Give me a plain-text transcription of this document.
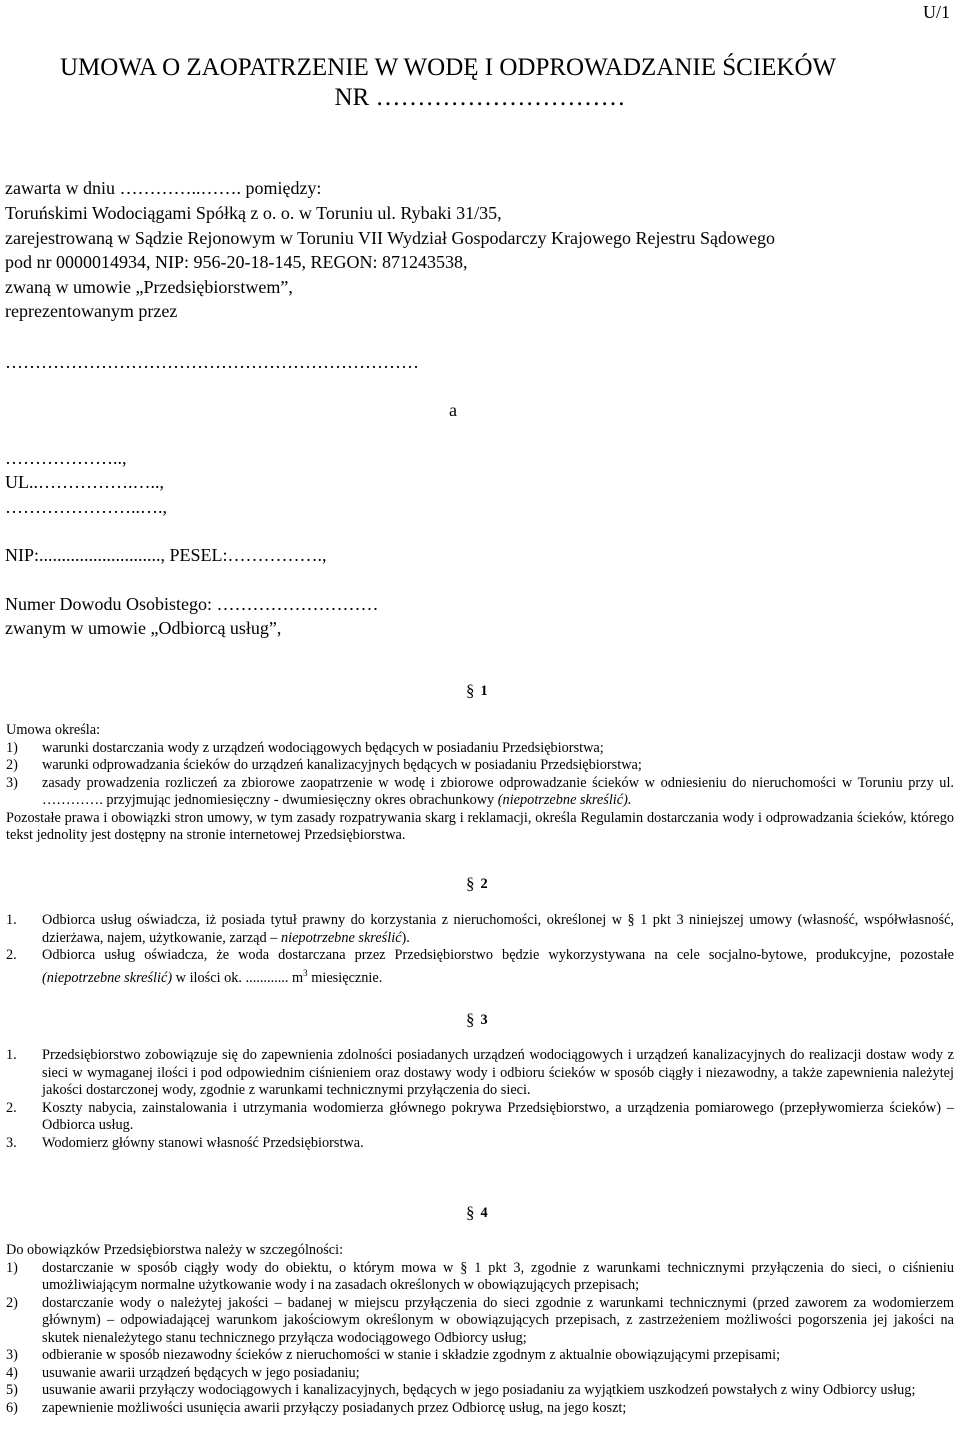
U/1
UMOWA O ZAOPATRZENIE W WODĘ I ODPROWADZANIE ŚCIEKÓW
NR …………………………
zawarta w dniu …………..……. pomiędzy:
Toruńskimi Wodociągami Spółką z o. o. w Toruniu ul. Rybaki 31/35,
zarejestrowaną w Sądzie Rejonowym w Toruniu VII Wydział Gospodarczy Krajowego Rejestru Sądowego
pod nr 0000014934, NIP: 956-20-18-145, REGON: 871243538,
zwaną w umowie „Przedsiębiorstwem”,
reprezentowanym przez
……………………………………………………………
a
………………..,
UL..…………….…..,
…………………..….,
NIP:..........................., PESEL:…………….,
Numer Dowodu Osobistego: ………………………
zwanym w umowie „Odbiorcą usług”,
§ 1

Umowa określa:

1) warunki dostarczania wody z urządzeń wodociągowych będących w posiadaniu Przedsiębiorstwa;
2) warunki odprowadzania ścieków do urządzeń kanalizacyjnych będących w posiadaniu Przedsiębiorstwa;
3) zasady prowadzenia rozliczeń za zbiorowe zaopatrzenie w wodę i zbiorowe odprowadzanie ścieków w odniesieniu do nieruchomości w Toruniu przy ul. …………. przyjmując jednomiesięczny - dwumiesięczny okres obrachunkowy (niepotrzebne skreślić).

Pozostałe prawa i obowiązki stron umowy, w tym zasady rozpatrywania skarg i reklamacji, określa Regulamin dostarczania wody i odprowadzania ścieków, którego tekst jednolity jest dostępny na stronie internetowej Przedsiębiorstwa.

§ 2
1. Odbiorca usług oświadcza, iż posiada tytuł prawny do korzystania z nieruchomości, określonej w § 1 pkt 3 niniejszej umowy (własność, współwłasność, dzierżawa, najem, użytkowanie, zarząd – niepotrzebne skreślić).
2. Odbiorca usług oświadcza, że woda dostarczana przez Przedsiębiorstwo będzie wykorzystywana na cele socjalno-bytowe, produkcyjne, pozostałe (niepotrzebne skreślić) w ilości ok. ............ $m^3$ miesięcznie.
§ 3
1. Przedsiębiorstwo zobowiązuje się do zapewnienia zdolności posiadanych urządzeń wodociągowych i urządzeń kanalizacyjnych do realizacji dostaw wody z sieci w wymaganej ilości i pod odpowiednim ciśnieniem oraz dostawy wody i odbioru ścieków w sposób ciągły i niezawodny, a także zapewnienia należytej jakości dostarczonej wody, zgodnie z warunkami technicznymi przyłączenia do sieci.
2. Koszty nabycia, zainstalowania i utrzymania wodomierza głównego pokrywa Przedsiębiorstwo, a urządzenia pomiarowego (przepływomierza ścieków) – Odbiorca usług.
3. Wodomierz główny stanowi własność Przedsiębiorstwa.
§ 4

Do obowiązków Przedsiębiorstwa należy w szczególności:

1) dostarczanie w sposób ciągły wody do obiektu, o którym mowa w § 1 pkt 3, zgodnie z warunkami technicznymi przyłączenia do sieci, o ciśnieniu umożliwiającym normalne użytkowanie wody i na zasadach określonych w obowiązujących przepisach;
2) dostarczanie wody o należytej jakości – badanej w miejscu przyłączenia do sieci zgodnie z warunkami technicznymi (przed zaworem za wodomierzem głównym) – odpowiadającej warunkom jakościowym określonym w obowiązujących przepisach, z zastrzeżeniem możliwości pogorszenia jej jakości na skutek nienależytego stanu technicznego przyłącza wodociągowego Odbiorcy usług;
3) odbieranie w sposób niezawodny ścieków z nieruchomości w stanie i składzie zgodnym z aktualnie obowiązującymi przepisami;
4) usuwanie awarii urządzeń będących w jego posiadaniu;
5) usuwanie awarii przyłączy wodociągowych i kanalizacyjnych, będących w jego posiadaniu za wyjątkiem uszkodzeń powstałych z winy Odbiorcy usług;
6) zapewnienie możliwości usunięcia awarii przyłączy posiadanych przez Odbiorcę usług, na jego koszt;
